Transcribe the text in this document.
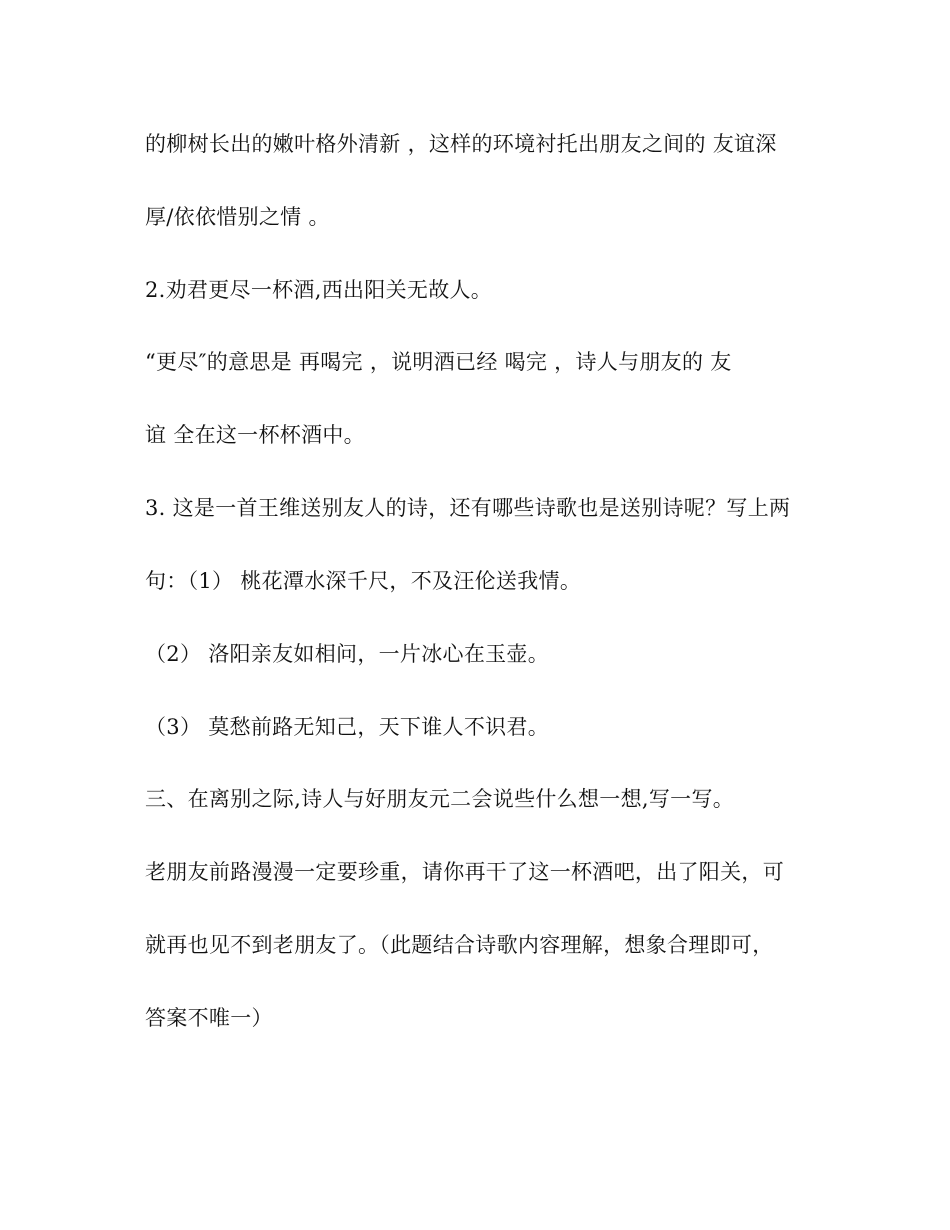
的柳树长出的嫩叶格外清新 ，这样的环境衬托出朋友之间的 友谊深
厚/依依惜别之情 。
2.劝君更尽一杯酒,西出阳关无故人。
“更尽″的意思是 再喝完 ，说明酒已经 喝完 ，诗人与朋友的 友
谊 全在这一杯杯酒中。
3. 这是一首王维送别友人的诗，还有哪些诗歌也是送别诗呢？写上两
句：（1） 桃花潭水深千尺，不及汪伦送我情。
（2） 洛阳亲友如相问，一片冰心在玉壶。
（3） 莫愁前路无知己，天下谁人不识君。
三、在离别之际,诗人与好朋友元二会说些什么想一想,写一写。
老朋友前路漫漫一定要珍重，请你再干了这一杯酒吧，出了阳关，可
就再也见不到老朋友了。（此题结合诗歌内容理解，想象合理即可，
答案不唯一）
